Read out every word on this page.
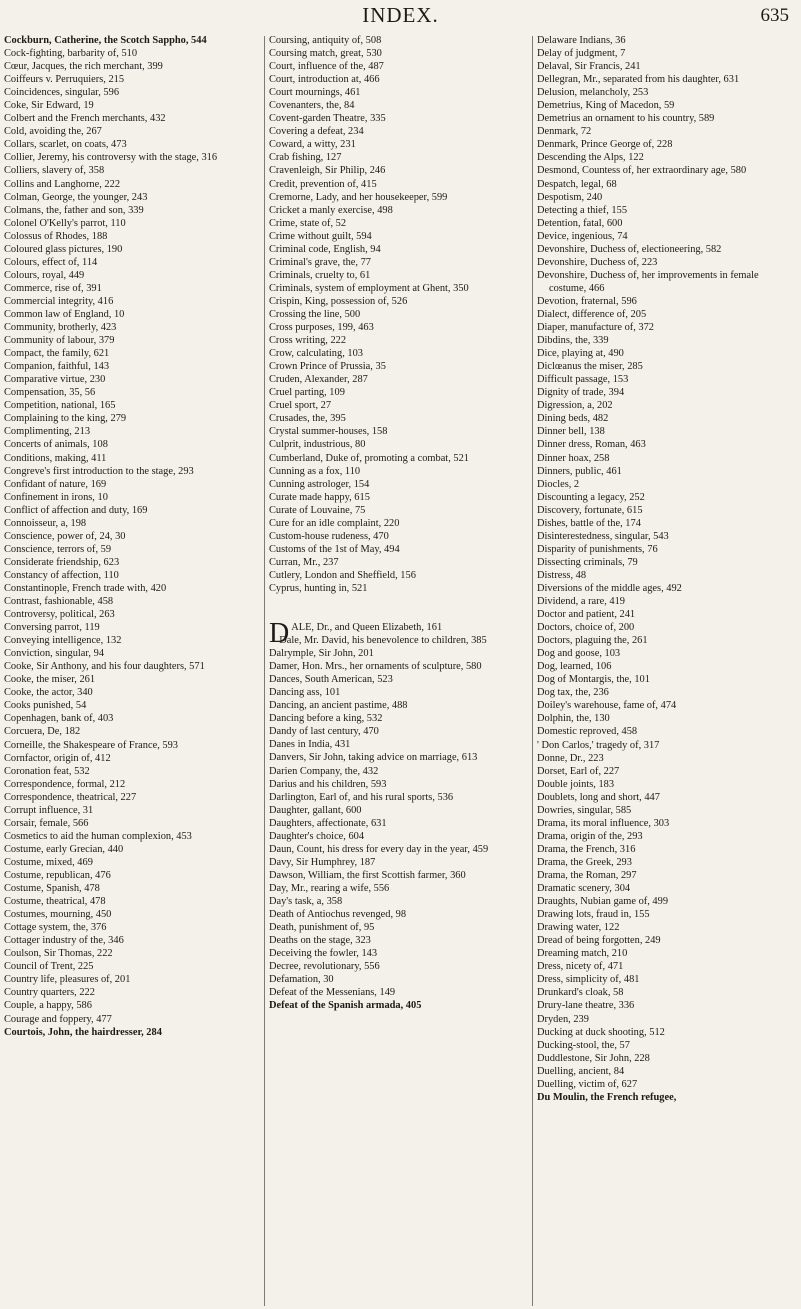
INDEX.	635

Cockburn, Catherine, the Scotch Sappho, 544

Cock-fighting, barbarity of, 510

Cœur, Jacques, the rich merchant, 399

Coiffeurs v. Perruquiers, 215

Coincidences, singular, 596

Coke, Sir Edward, 19

Colbert and the French merchants, 432

Cold, avoiding the, 267

Collars, scarlet, on coats, 473

Collier, Jeremy, his controversy with the stage, 316

Colliers, slavery of, 358

Collins and Langhorne, 222

Colman, George, the younger, 243

Colmans, the, father and son, 339

Colonel O'Kelly's parrot, 110

Colossus of Rhodes, 188

Coloured glass pictures, 190

Colours, effect of, 114

Colours, royal, 449

Commerce, rise of, 391

Commercial integrity, 416

Common law of England, 10

Community, brotherly, 423

Community of labour, 379

Compact, the family, 621

Companion, faithful, 143

Comparative virtue, 230

Compensation, 35, 56

Competition, national, 165

Complaining to the king, 279

Complimenting, 213

Concerts of animals, 108

Conditions, making, 411

Congreve's first introduction to the stage, 293

Confidant of nature, 169

Confinement in irons, 10

Conflict of affection and duty, 169

Connoisseur, a, 198

Conscience, power of, 24, 30

Conscience, terrors of, 59

Considerate friendship, 623

Constancy of affection, 110

Constantinople, French trade with, 420

Contrast, fashionable, 458

Controversy, political, 263

Conversing parrot, 119

Conveying intelligence, 132

Conviction, singular, 94

Cooke, Sir Anthony, and his four daughters, 571

Cooke, the miser, 261

Cooke, the actor, 340

Cooks punished, 54

Copenhagen, bank of, 403

Corcuera, De, 182

Corneille, the Shakespeare of France, 593

Cornfactor, origin of, 412

Coronation feat, 532

Correspondence, formal, 212

Correspondence, theatrical, 227

Corrupt influence, 31

Corsair, female, 566

Cosmetics to aid the human complexion, 453

Costume, early Grecian, 440

Costume, mixed, 469

Costume, republican, 476

Costume, Spanish, 478

Costume, theatrical, 478

Costumes, mourning, 450

Cottage system, the, 376

Cottager industry of the, 346

Coulson, Sir Thomas, 222

Council of Trent, 225

Country life, pleasures of, 201

Country quarters, 222

Couple, a happy, 586

Courage and foppery, 477

Courtois, John, the hairdresser, 284

Coursing, antiquity of, 508

Coursing match, great, 530

Court, influence of the, 487

Court, introduction at, 466

Court mournings, 461

Covenanters, the, 84

Covent-garden Theatre, 335

Covering a defeat, 234

Coward, a witty, 231

Crab fishing, 127

Cravenleigh, Sir Philip, 246

Credit, prevention of, 415

Cremorne, Lady, and her housekeeper, 599

Cricket a manly exercise, 498

Crime, state of, 52

Crime without guilt, 594

Criminal code, English, 94

Criminal's grave, the, 77

Criminals, cruelty to, 61

Criminals, system of employment at Ghent, 350

Crispin, King, possession of, 526

Crossing the line, 500

Cross purposes, 199, 463

Cross writing, 222

Crow, calculating, 103

Crown Prince of Prussia, 35

Cruden, Alexander, 287

Cruel parting, 109

Cruel sport, 27

Crusades, the, 395

Crystal summer-houses, 158

Culprit, industrious, 80

Cumberland, Duke of, promoting a combat, 521

Cunning as a fox, 110

Cunning astrologer, 154

Curate made happy, 615

Curate of Louvaine, 75

Cure for an idle complaint, 220

Custom-house rudeness, 470

Customs of the 1st of May, 494

Curran, Mr., 237

Cutlery, London and Sheffield, 156

Cyprus, hunting in, 521

D ALE, Dr., and Queen Elizabeth, 161

Dale, Mr. David, his benevolence to children, 385

Dalrymple, Sir John, 201

Damer, Hon. Mrs., her ornaments of sculpture, 580

Dances, South American, 523

Dancing ass, 101

Dancing, an ancient pastime, 488

Dancing before a king, 532

Dandy of last century, 470

Danes in India, 431

Danvers, Sir John, taking advice on marriage, 613

Darien Company, the, 432

Darius and his children, 593

Darlington, Earl of, and his rural sports, 536

Daughter, gallant, 600

Daughters, affectionate, 631

Daughter's choice, 604

Daun, Count, his dress for every day in the year, 459

Davy, Sir Humphrey, 187

Dawson, William, the first Scottish farmer, 360

Day, Mr., rearing a wife, 556

Day's task, a, 358

Death of Antiochus revenged, 98

Death, punishment of, 95

Deaths on the stage, 323

Deceiving the fowler, 143

Decree, revolutionary, 556

Defamation, 30

Defeat of the Messenians, 149

Defeat of the Spanish armada, 405

Delaware Indians, 36

Delay of judgment, 7

Delaval, Sir Francis, 241

Dellegran, Mr., separated from his daughter, 631

Delusion, melancholy, 253

Demetrius, King of Macedon, 59

Demetrius an ornament to his country, 589

Denmark, 72

Denmark, Prince George of, 228

Descending the Alps, 122

Desmond, Countess of, her extraordinary age, 580

Despatch, legal, 68

Despotism, 240

Detecting a thief, 155

Detention, fatal, 600

Device, ingenious, 74

Devonshire, Duchess of, electioneering, 582

Devonshire, Duchess of, 223

Devonshire, Duchess of, her improvements in female costume, 466

Devotion, fraternal, 596

Dialect, difference of, 205

Diaper, manufacture of, 372

Dibdins, the, 339

Dice, playing at, 490

Diclœanus the miser, 285

Difficult passage, 153

Dignity of trade, 394

Digression, a, 202

Dining beds, 482

Dinner bell, 138

Dinner dress, Roman, 463

Dinner hoax, 258

Dinners, public, 461

Diocles, 2

Discounting a legacy, 252

Discovery, fortunate, 615

Dishes, battle of the, 174

Disinterestedness, singular, 543

Disparity of punishments, 76

Dissecting criminals, 79

Distress, 48

Diversions of the middle ages, 492

Dividend, a rare, 419

Doctor and patient, 241

Doctors, choice of, 200

Doctors, plaguing the, 261

Dog and goose, 103

Dog, learned, 106

Dog of Montargis, the, 101

Dog tax, the, 236

Doiley's warehouse, fame of, 474

Dolphin, the, 130

Domestic reproved, 458

' Don Carlos,' tragedy of, 317

Donne, Dr., 223

Dorset, Earl of, 227

Double joints, 183

Doublets, long and short, 447

Dowries, singular, 585

Drama, its moral influence, 303

Drama, origin of the, 293

Drama, the French, 316

Drama, the Greek, 293

Drama, the Roman, 297

Dramatic scenery, 304

Draughts, Nubian game of, 499

Drawing lots, fraud in, 155

Drawing water, 122

Dread of being forgotten, 249

Dreaming match, 210

Dress, nicety of, 471

Dress, simplicity of, 481

Drunkard's cloak, 58

Drury-lane theatre, 336

Dryden, 239

Ducking at duck shooting, 512

Ducking-stool, the, 57

Duddlestone, Sir John, 228

Duelling, ancient, 84

Duelling, victim of, 627

Du Moulin, the French refugee,
